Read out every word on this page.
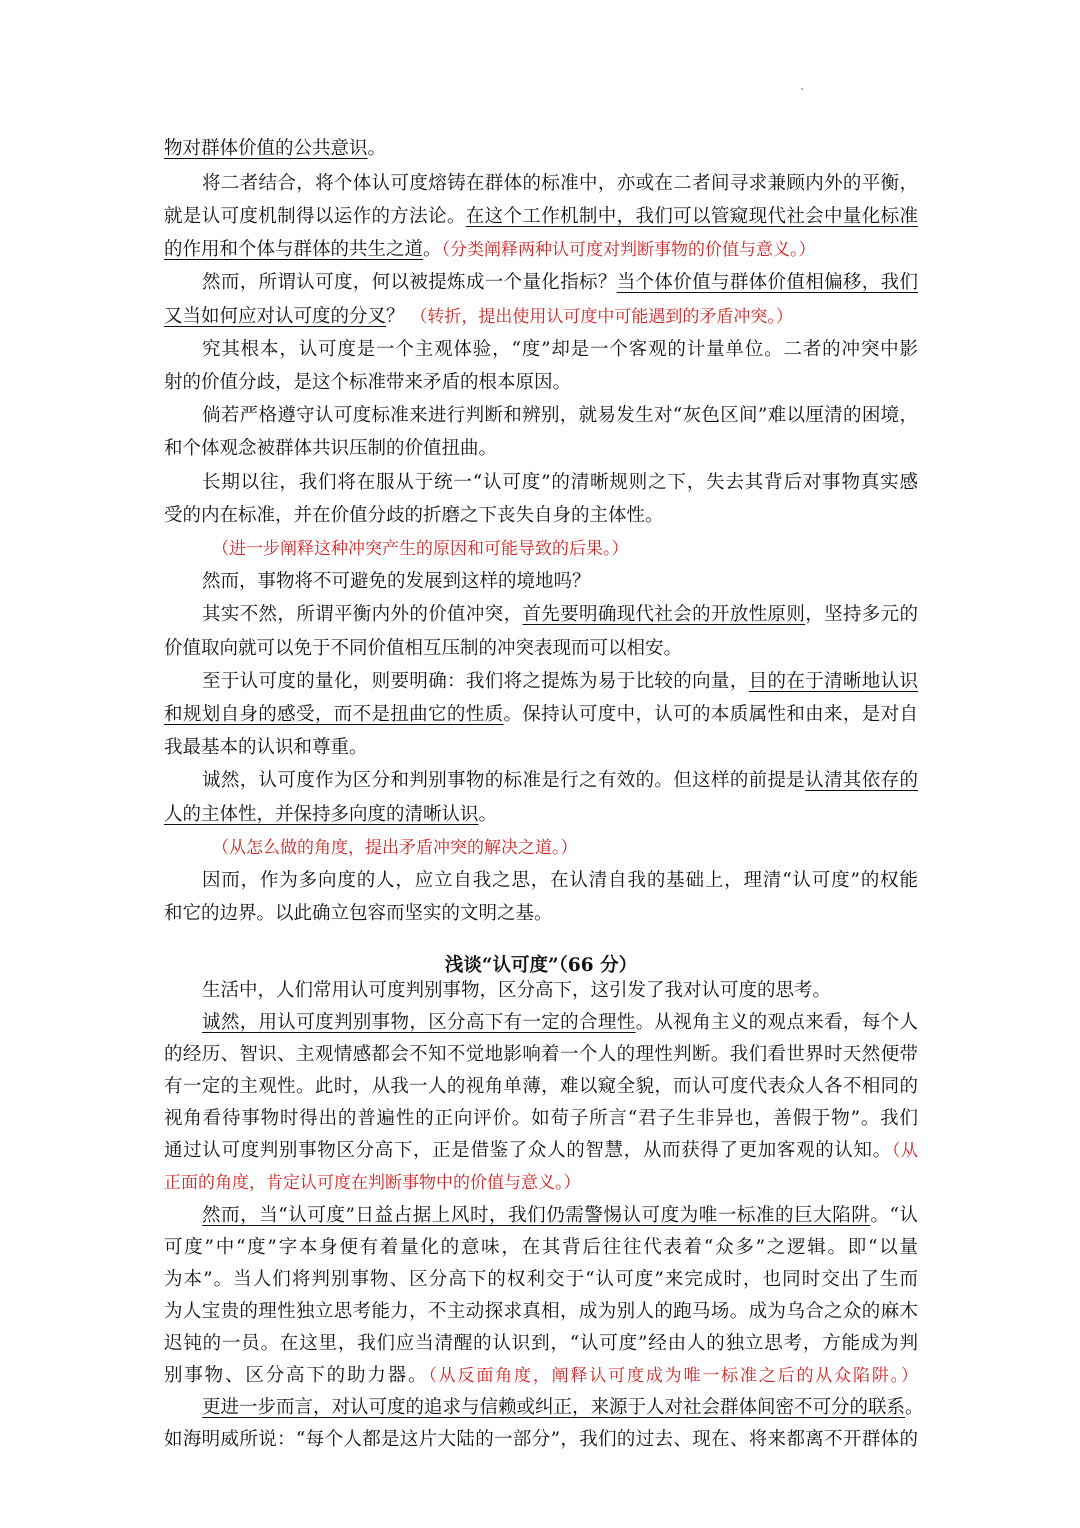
物对群体价值的公共意识。
将二者结合，将个体认可度熔铸在群体的标准中，亦或在二者间寻求兼顾内外的平衡，
就是认可度机制得以运作的方法论。在这个工作机制中，我们可以管窥现代社会中量化标准
的作用和个体与群体的共生之道。（分类阐释两种认可度对判断事物的价值与意义。）
然而，所谓认可度，何以被提炼成一个量化指标？当个体价值与群体价值相偏移，我们
又当如何应对认可度的分叉？ （转折，提出使用认可度中可能遇到的矛盾冲突。）
究其根本，认可度是一个主观体验，“度”却是一个客观的计量单位。二者的冲突中影
射的价值分歧，是这个标准带来矛盾的根本原因。
倘若严格遵守认可度标准来进行判断和辨别，就易发生对“灰色区间”难以厘清的困境，
和个体观念被群体共识压制的价值扭曲。
长期以往，我们将在服从于统一“认可度”的清晰规则之下，失去其背后对事物真实感
受的内在标准，并在价值分歧的折磨之下丧失自身的主体性。
（进一步阐释这种冲突产生的原因和可能导致的后果。）
然而，事物将不可避免的发展到这样的境地吗？
其实不然，所谓平衡内外的价值冲突，首先要明确现代社会的开放性原则，坚持多元的
价值取向就可以免于不同价值相互压制的冲突表现而可以相安。
至于认可度的量化，则要明确：我们将之提炼为易于比较的向量，目的在于清晰地认识
和规划自身的感受，而不是扭曲它的性质。保持认可度中，认可的本质属性和由来，是对自
我最基本的认识和尊重。
诚然，认可度作为区分和判别事物的标准是行之有效的。但这样的前提是认清其依存的
人的主体性，并保持多向度的清晰认识。
（从怎么做的角度，提出矛盾冲突的解决之道。）
因而，作为多向度的人，应立自我之思，在认清自我的基础上，理清“认可度”的权能
和它的边界。以此确立包容而坚实的文明之基。
浅谈“认可度”（66 分）
生活中，人们常用认可度判别事物，区分高下，这引发了我对认可度的思考。
诚然，用认可度判别事物，区分高下有一定的合理性。从视角主义的观点来看，每个人
的经历、智识、主观情感都会不知不觉地影响着一个人的理性判断。我们看世界时天然便带
有一定的主观性。此时，从我一人的视角单薄，难以窥全貌，而认可度代表众人各不相同的
视角看待事物时得出的普遍性的正向评价。如荀子所言“君子生非异也，善假于物”。我们
通过认可度判别事物区分高下，正是借鉴了众人的智慧，从而获得了更加客观的认知。（从
正面的角度，肯定认可度在判断事物中的价值与意义。）
然而，当“认可度”日益占据上风时，我们仍需警惕认可度为唯一标准的巨大陷阱。“认
可度”中“度”字本身便有着量化的意味，在其背后往往代表着“众多”之逻辑。即“以量
为本”。当人们将判别事物、区分高下的权利交于“认可度”来完成时，也同时交出了生而
为人宝贵的理性独立思考能力，不主动探求真相，成为别人的跑马场。成为乌合之众的麻木
迟钝的一员。在这里，我们应当清醒的认识到，“认可度”经由人的独立思考，方能成为判
别事物、区分高下的助力器。（从反面角度，阐释认可度成为唯一标准之后的从众陷阱。）
更进一步而言，对认可度的追求与信赖或纠正，来源于人对社会群体间密不可分的联系。
如海明威所说：“每个人都是这片大陆的一部分”，我们的过去、现在、将来都离不开群体的
